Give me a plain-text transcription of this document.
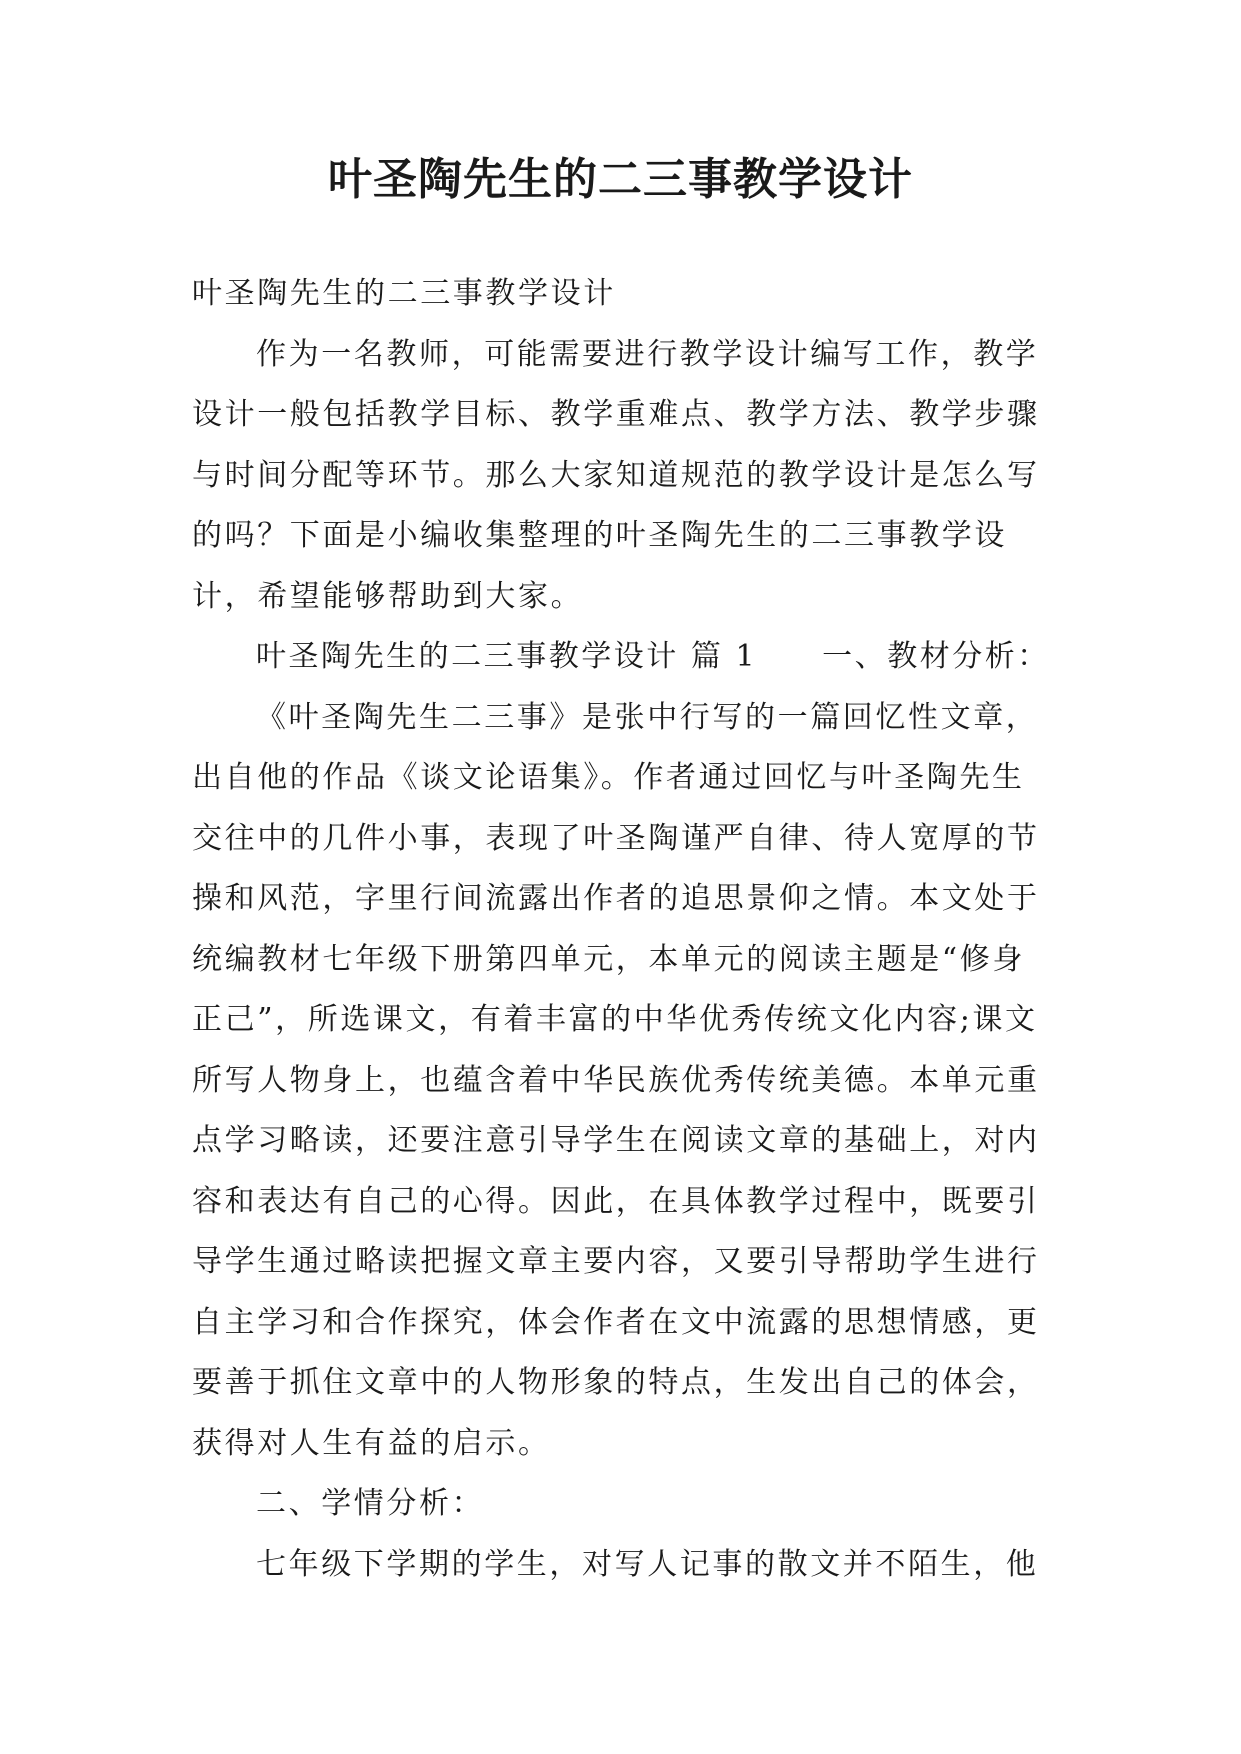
叶圣陶先生的二三事教学设计
叶圣陶先生的二三事教学设计
作为一名教师，可能需要进行教学设计编写工作，教学
设计一般包括教学目标、教学重难点、教学方法、教学步骤
与时间分配等环节。那么大家知道规范的教学设计是怎么写
的吗？下面是小编收集整理的叶圣陶先生的二三事教学设
计，希望能够帮助到大家。
叶圣陶先生的二三事教学设计 篇 1　　一、教材分析：
《叶圣陶先生二三事》是张中行写的一篇回忆性文章，
出自他的作品《谈文论语集》。作者通过回忆与叶圣陶先生
交往中的几件小事，表现了叶圣陶谨严自律、待人宽厚的节
操和风范，字里行间流露出作者的追思景仰之情。本文处于
统编教材七年级下册第四单元，本单元的阅读主题是“修身
正己”，所选课文，有着丰富的中华优秀传统文化内容;课文
所写人物身上，也蕴含着中华民族优秀传统美德。本单元重
点学习略读，还要注意引导学生在阅读文章的基础上，对内
容和表达有自己的心得。因此，在具体教学过程中，既要引
导学生通过略读把握文章主要内容，又要引导帮助学生进行
自主学习和合作探究，体会作者在文中流露的思想情感，更
要善于抓住文章中的人物形象的特点，生发出自己的体会，
获得对人生有益的启示。
二、学情分析：
七年级下学期的学生，对写人记事的散文并不陌生，他
